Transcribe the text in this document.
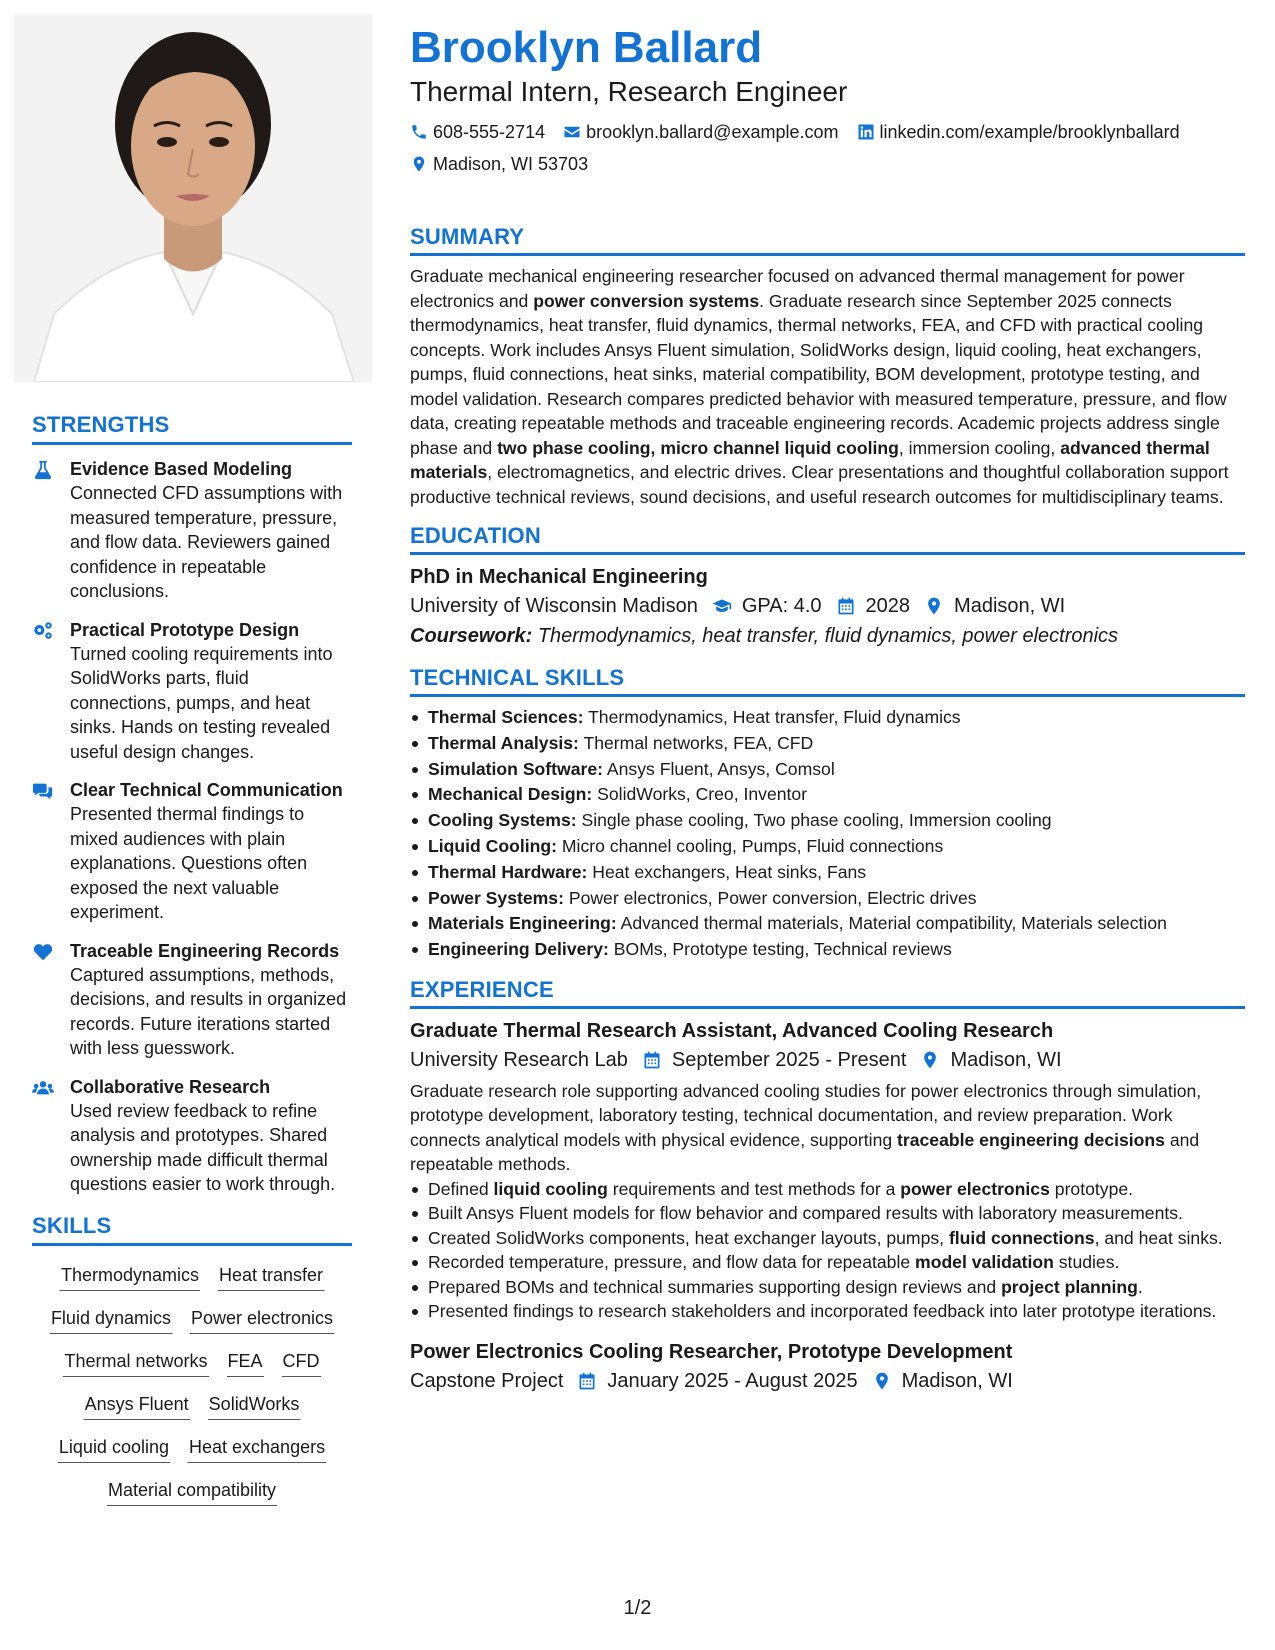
STRENGTHS
Evidence Based Modeling
Connected CFD assumptions with measured temperature, pressure, and flow data. Reviewers gained confidence in repeatable conclusions.
Practical Prototype Design
Turned cooling requirements into SolidWorks parts, fluid connections, pumps, and heat sinks. Hands on testing revealed useful design changes.
Clear Technical Communication
Presented thermal findings to mixed audiences with plain explanations. Questions often exposed the next valuable experiment.
Traceable Engineering Records
Captured assumptions, methods, decisions, and results in organized records. Future iterations started with less guesswork.
Collaborative Research
Used review feedback to refine analysis and prototypes. Shared ownership made difficult thermal questions easier to work through.
SKILLS
Thermodynamics Heat transfer
Fluid dynamics Power electronics
Thermal networks FEA CFD
Ansys Fluent SolidWorks
Liquid cooling Heat exchangers
Material compatibility
Brooklyn Ballard
Thermal Intern, Research Engineer
608-555-2714 brooklyn.ballard@example.com linkedin.com/example/brooklynballard
Madison, WI 53703
SUMMARY

Graduate mechanical engineering researcher focused on advanced thermal management for power electronics and power conversion systems. Graduate research since September 2025 connects thermodynamics, heat transfer, fluid dynamics, thermal networks, FEA, and CFD with practical cooling concepts. Work includes Ansys Fluent simulation, SolidWorks design, liquid cooling, heat exchangers, pumps, fluid connections, heat sinks, material compatibility, BOM development, prototype testing, and model validation. Research compares predicted behavior with measured temperature, pressure, and flow data, creating repeatable methods and traceable engineering records. Academic projects address single phase and two phase cooling, micro channel liquid cooling, immersion cooling, advanced thermal materials, electromagnetics, and electric drives. Clear presentations and thoughtful collaboration support productive technical reviews, sound decisions, and useful research outcomes for multidisciplinary teams.

EDUCATION
PhD in Mechanical Engineering
University of Wisconsin Madison GPA: 4.0 2028 Madison, WI
Coursework: Thermodynamics, heat transfer, fluid dynamics, power electronics
TECHNICAL SKILLS
Thermal Sciences: Thermodynamics, Heat transfer, Fluid dynamics
Thermal Analysis: Thermal networks, FEA, CFD
Simulation Software: Ansys Fluent, Ansys, Comsol
Mechanical Design: SolidWorks, Creo, Inventor
Cooling Systems: Single phase cooling, Two phase cooling, Immersion cooling
Liquid Cooling: Micro channel cooling, Pumps, Fluid connections
Thermal Hardware: Heat exchangers, Heat sinks, Fans
Power Systems: Power electronics, Power conversion, Electric drives
Materials Engineering: Advanced thermal materials, Material compatibility, Materials selection
Engineering Delivery: BOMs, Prototype testing, Technical reviews
EXPERIENCE
Graduate Thermal Research Assistant, Advanced Cooling Research
University Research Lab September 2025 - Present Madison, WI

Graduate research role supporting advanced cooling studies for power electronics through simulation, prototype development, laboratory testing, technical documentation, and review preparation. Work connects analytical models with physical evidence, supporting traceable engineering decisions and repeatable methods.

Defined liquid cooling requirements and test methods for a power electronics prototype.
Built Ansys Fluent models for flow behavior and compared results with laboratory measurements.
Created SolidWorks components, heat exchanger layouts, pumps, fluid connections, and heat sinks.
Recorded temperature, pressure, and flow data for repeatable model validation studies.
Prepared BOMs and technical summaries supporting design reviews and project planning.
Presented findings to research stakeholders and incorporated feedback into later prototype iterations.
Power Electronics Cooling Researcher, Prototype Development
Capstone Project January 2025 - August 2025 Madison, WI
1/2
